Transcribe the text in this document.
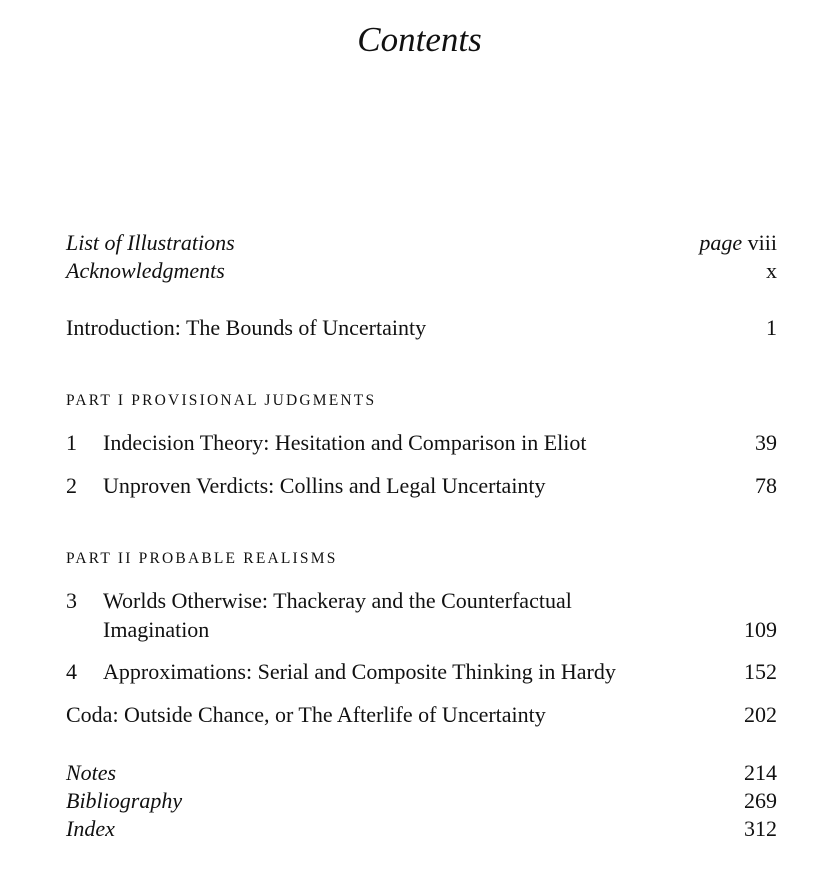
Contents
List of Illustrations	page viii
Acknowledgments	x
Introduction: The Bounds of Uncertainty	1
PART I PROVISIONAL JUDGMENTS
1	Indecision Theory: Hesitation and Comparison in Eliot	39
2	Unproven Verdicts: Collins and Legal Uncertainty	78
PART II PROBABLE REALISMS
3	Worlds Otherwise: Thackeray and the Counterfactual
Imagination	109
4	Approximations: Serial and Composite Thinking in Hardy	152
Coda: Outside Chance, or The Afterlife of Uncertainty	202
Notes	214
Bibliography	269
Index	312
